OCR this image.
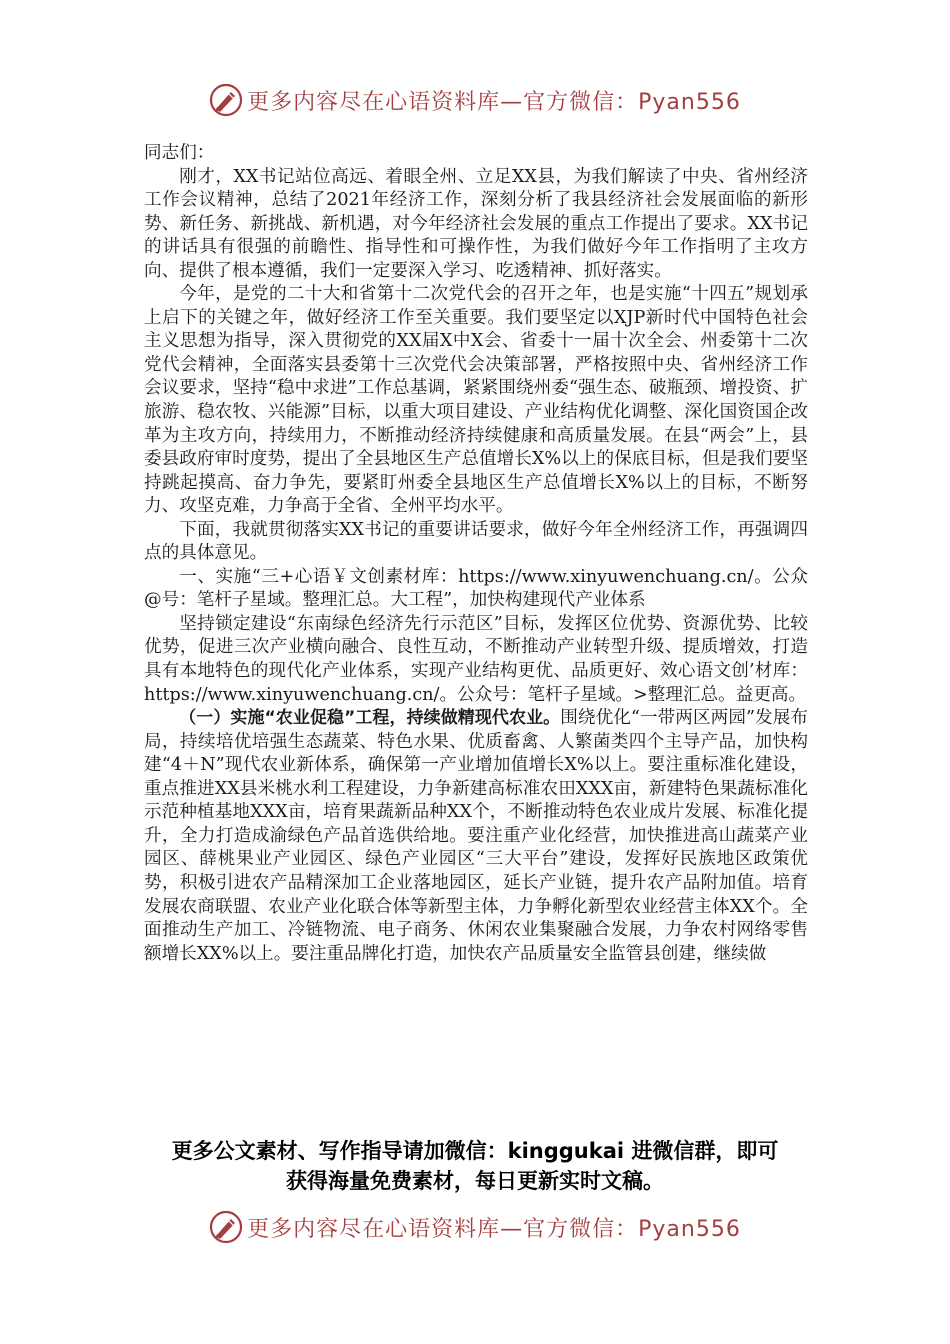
更多内容尽在心语资料库—官方微信：Pyan556

同志们：

刚才，XX书记站位高远、着眼全州、立足XX县，为我们解读了中央、省州经济工作会议精神，总结了2021年经济工作，深刻分析了我县经济社会发展面临的新形势、新任务、新挑战、新机遇，对今年经济社会发展的重点工作提出了要求。XX书记的讲话具有很强的前瞻性、指导性和可操作性，为我们做好今年工作指明了主攻方向、提供了根本遵循，我们一定要深入学习、吃透精神、抓好落实。

今年，是党的二十大和省第十二次党代会的召开之年，也是实施“十四五”规划承上启下的关键之年，做好经济工作至关重要。我们要坚定以XJP新时代中国特色社会主义思想为指导，深入贯彻党的XX届X中X会、省委十一届十次全会、州委第十二次党代会精神，全面落实县委第十三次党代会决策部署，严格按照中央、省州经济工作会议要求，坚持“稳中求进”工作总基调，紧紧围绕州委“强生态、破瓶颈、增投资、扩旅游、稳农牧、兴能源”目标，以重大项目建设、产业结构优化调整、深化国资国企改革为主攻方向，持续用力，不断推动经济持续健康和高质量发展。在县“两会”上，县委县政府审时度势，提出了全县地区生产总值增长X%以上的保底目标，但是我们要坚持跳起摸高、奋力争先，要紧盯州委全县地区生产总值增长X%以上的目标，不断努力、攻坚克难，力争高于全省、全州平均水平。

下面，我就贯彻落实XX书记的重要讲话要求，做好今年全州经济工作，再强调四点的具体意见。

一、实施“三+心语￥文创素材库：https://www.xinyuwenchuang.cn/。公众@号：笔杆子星域。整理汇总。大工程”，加快构建现代产业体系

坚持锁定建设“东南绿色经济先行示范区”目标，发挥区位优势、资源优势、比较优势，促进三次产业横向融合、良性互动，不断推动产业转型升级、提质增效，打造具有本地特色的现代化产业体系，实现产业结构更优、品质更好、效心语文创’材库：https://www.xinyuwenchuang.cn/。公众号：笔杆子星域。>整理汇总。益更高。

（一）实施“农业促稳”工程，持续做精现代农业。围绕优化“一带两区两园”发展布局，持续培优培强生态蔬菜、特色水果、优质畜禽、人繁菌类四个主导产品，加快构建“4＋N”现代农业新体系，确保第一产业增加值增长X%以上。要注重标准化建设，重点推进XX县米桃水利工程建设，力争新建高标准农田XXX亩，新建特色果蔬标准化示范种植基地XXX亩，培育果蔬新品种XX个，不断推动特色农业成片发展、标准化提升，全力打造成渝绿色产品首选供给地。要注重产业化经营，加快推进高山蔬菜产业园区、薛桃果业产业园区、绿色产业园区“三大平台”建设，发挥好民族地区政策优势，积极引进农产品精深加工企业落地园区，延长产业链，提升农产品附加值。培育发展农商联盟、农业产业化联合体等新型主体，力争孵化新型农业经营主体XX个。全面推动生产加工、冷链物流、电子商务、休闲农业集聚融合发展，力争农村网络零售额增长XX%以上。要注重品牌化打造，加快农产品质量安全监管县创建，继续做

更多公文素材、写作指导请加微信：kinggukai 进微信群，即可
获得海量免费素材，每日更新实时文稿。
更多内容尽在心语资料库—官方微信：Pyan556
